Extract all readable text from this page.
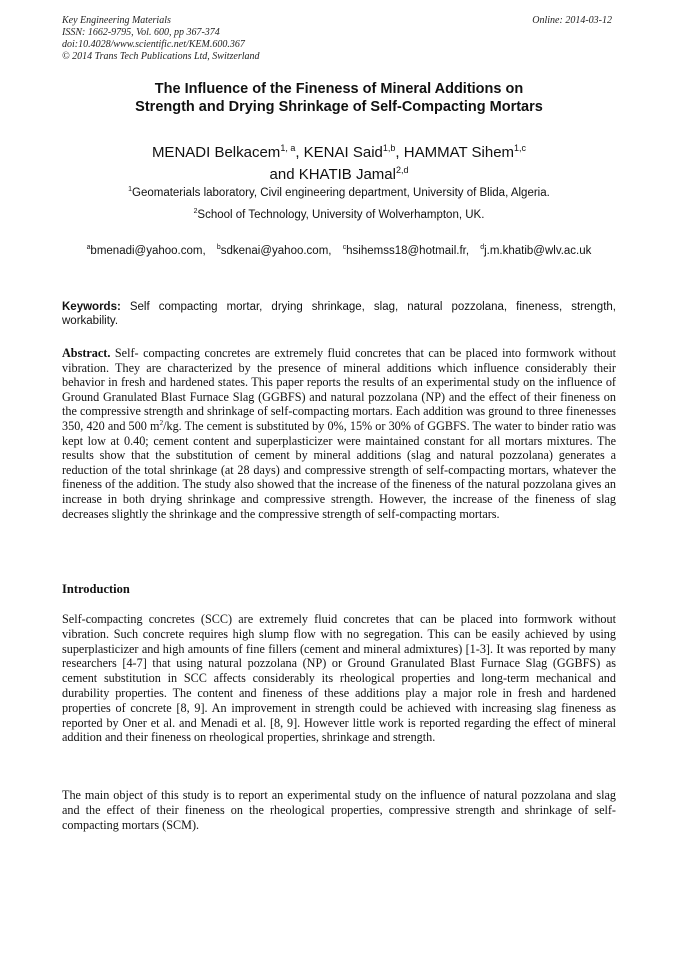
Key Engineering Materials
ISSN: 1662-9795, Vol. 600, pp 367-374
doi:10.4028/www.scientific.net/KEM.600.367
© 2014 Trans Tech Publications Ltd, Switzerland
Online: 2014-03-12
The Influence of the Fineness of Mineral Additions on
Strength and Drying Shrinkage of Self-Compacting Mortars
MENADI Belkacem$^{1, a}$, KENAI Said$^{1,b}$, HAMMAT Sihem$^{1,c}$
and KHATIB Jamal$^{2,d}$
$^1$Geomaterials laboratory, Civil engineering department, University of Blida, Algeria.
$^2$School of Technology, University of Wolverhampton, UK.
$^a$bmenadi@yahoo.com, $^b$sdkenai@yahoo.com, $^c$hsihemss18@hotmail.fr, $^d$j.m.khatib@wlv.ac.uk
Keywords: Self compacting mortar, drying shrinkage, slag, natural pozzolana, fineness, strength, workability.
Abstract. Self- compacting concretes are extremely fluid concretes that can be placed into formwork without vibration. They are characterized by the presence of mineral additions which influence considerably their behavior in fresh and hardened states. This paper reports the results of an experimental study on the influence of Ground Granulated Blast Furnace Slag (GGBFS) and natural pozzolana (NP) and the effect of their fineness on the compressive strength and shrinkage of self-compacting mortars. Each addition was ground to three finenesses 350, 420 and 500 $m^2/kg$. The cement is substituted by 0%, 15% or 30% of GGBFS. The water to binder ratio was kept low at 0.40; cement content and superplasticizer were maintained constant for all mortars mixtures. The results show that the substitution of cement by mineral additions (slag and natural pozzolana) generates a reduction of the total shrinkage (at 28 days) and compressive strength of self-compacting mortars, whatever the fineness of the addition. The study also showed that the increase of the fineness of the natural pozzolana gives an increase in both drying shrinkage and compressive strength. However, the increase of the fineness of slag decreases slightly the shrinkage and the compressive strength of self-compacting mortars.
Introduction
Self-compacting concretes (SCC) are extremely fluid concretes that can be placed into formwork without vibration. Such concrete requires high slump flow with no segregation. This can be easily achieved by using superplasticizer and high amounts of fine fillers (cement and mineral admixtures) [1-3]. It was reported by many researchers [4-7] that using natural pozzolana (NP) or Ground Granulated Blast Furnace Slag (GGBFS) as cement substitution in SCC affects considerably its rheological properties and long-term mechanical and durability properties. The content and fineness of these additions play a major role in fresh and hardened properties of concrete [8, 9]. An improvement in strength could be achieved with increasing slag fineness as reported by Oner et al. and Menadi et al. [8, 9]. However little work is reported regarding the effect of mineral addition and their fineness on rheological properties, shrinkage and strength.
The main object of this study is to report an experimental study on the influence of natural pozzolana and slag and the effect of their fineness on the rheological properties, compressive strength and shrinkage of self-compacting mortars (SCM).
